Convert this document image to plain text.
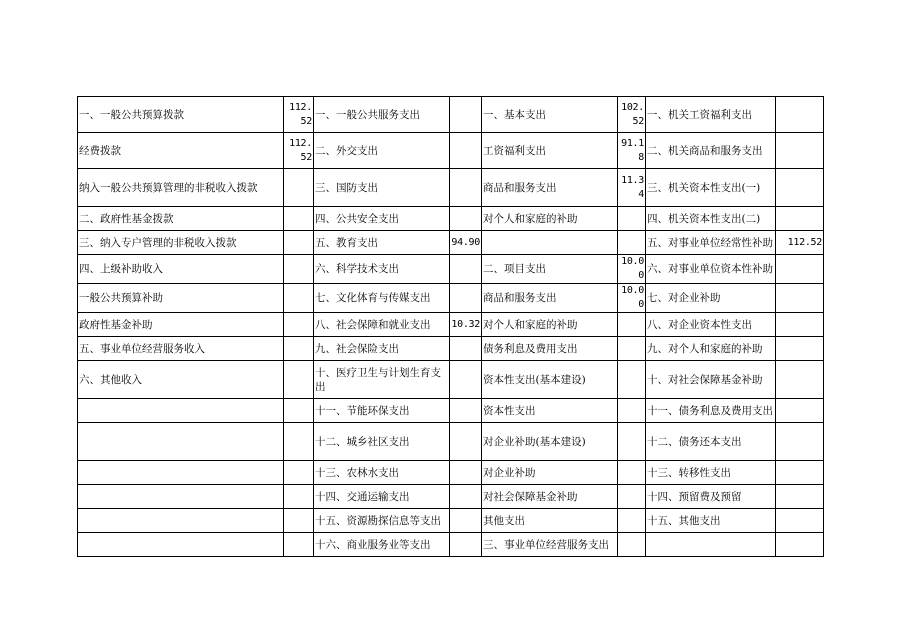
一、一般公共预算拨款	112.52	一、一般公共服务支出		一、基本支出	102.52	一、机关工资福利支出	
经费拨款	112.52	二、外交支出		工资福利支出	91.18	二、机关商品和服务支出	
纳入一般公共预算管理的非税收入拨款		三、国防支出		商品和服务支出	11.34	三、机关资本性支出(一)	
二、政府性基金拨款		四、公共安全支出		对个人和家庭的补助		四、机关资本性支出(二)	
三、纳入专户管理的非税收入拨款		五、教育支出	94.90			五、对事业单位经常性补助	112.52
四、上级补助收入		六、科学技术支出		二、项目支出	10.00	六、对事业单位资本性补助	
一般公共预算补助		七、文化体育与传媒支出		商品和服务支出	10.00	七、对企业补助	
政府性基金补助		八、社会保障和就业支出	10.32	对个人和家庭的补助		八、对企业资本性支出	
五、事业单位经营服务收入		九、社会保险支出		债务利息及费用支出		九、对个人和家庭的补助	
六、其他收入		十、医疗卫生与计划生育支出		资本性支出(基本建设)		十、对社会保障基金补助	
		十一、节能环保支出		资本性支出		十一、债务利息及费用支出	
		十二、城乡社区支出		对企业补助(基本建设)		十二、债务还本支出	
		十三、农林水支出		对企业补助		十三、转移性支出	
		十四、交通运输支出		对社会保障基金补助		十四、预留费及预留	
		十五、资源勘探信息等支出		其他支出		十五、其他支出	
		十六、商业服务业等支出		三、事业单位经营服务支出			
